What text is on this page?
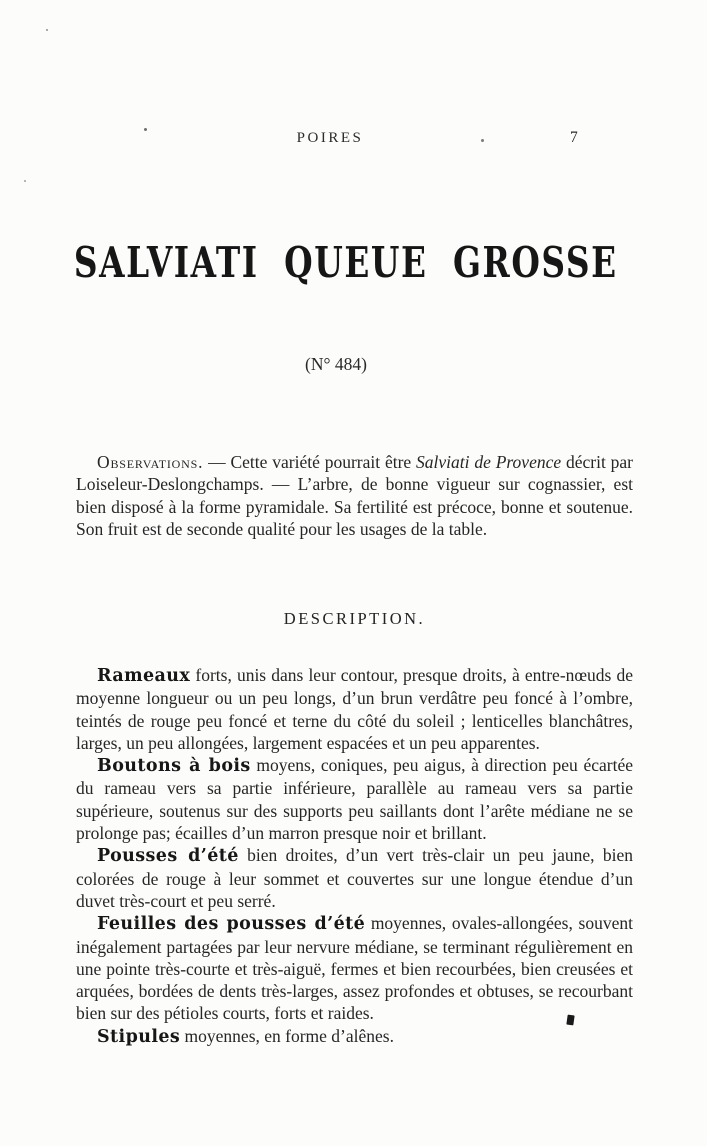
POIRES	7
SALVIATI QUEUE GROSSE
(N° 484)

Observations. — Cette variété pourrait être Salviati de Provence décrit par Loiseleur-Deslongchamps. — L’arbre, de bonne vigueur sur cognassier, est bien disposé à la forme pyramidale. Sa fertilité est précoce, bonne et soutenue. Son fruit est de seconde qualité pour les usages de la table.

DESCRIPTION.

Rameaux forts, unis dans leur contour, presque droits, à entre-nœuds de moyenne longueur ou un peu longs, d’un brun verdâtre peu foncé à l’ombre, teintés de rouge peu foncé et terne du côté du soleil ; lenticelles blanchâtres, larges, un peu allongées, largement espacées et un peu apparentes.

Boutons à bois moyens, coniques, peu aigus, à direction peu écartée du rameau vers sa partie inférieure, parallèle au rameau vers sa partie supérieure, soutenus sur des supports peu saillants dont l’arête médiane ne se prolonge pas; écailles d’un marron presque noir et brillant.

Pousses d’été bien droites, d’un vert très-clair un peu jaune, bien colorées de rouge à leur sommet et couvertes sur une longue étendue d’un duvet très-court et peu serré.

Feuilles des pousses d’été moyennes, ovales-allongées, souvent inégalement partagées par leur nervure médiane, se terminant régulièrement en une pointe très-courte et très-aiguë, fermes et bien recourbées, bien creusées et arquées, bordées de dents très-larges, assez profondes et obtuses, se recourbant bien sur des pétioles courts, forts et raides.

Stipules moyennes, en forme d’alênes.
